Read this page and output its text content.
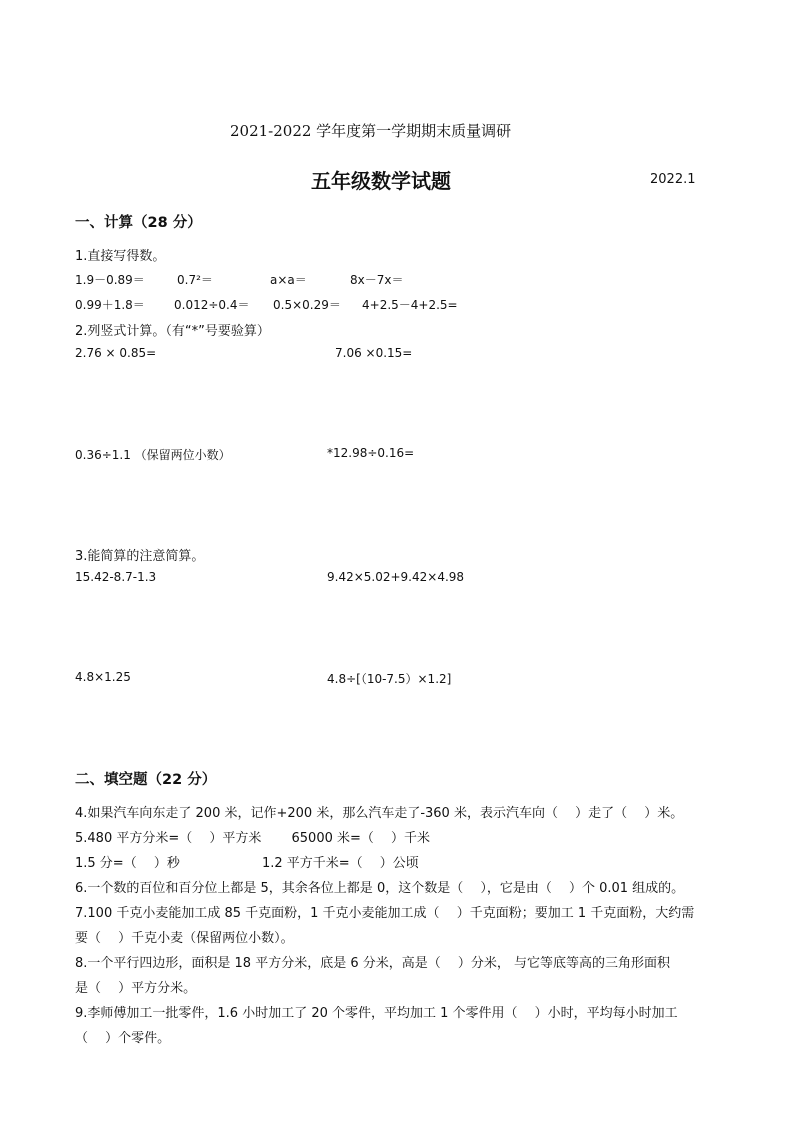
2021-2022 学年度第一学期期末质量调研
五年级数学试题	2022.1
一、计算（28 分）
1.直接写得数。
1.9－0.89＝	0.7²＝	a×a＝	8x－7x＝
0.99＋1.8＝ 0.012÷0.4＝ 0.5×0.29＝ 4+2.5－4+2.5=
2.列竖式计算。（有“*”号要验算）
2.76 × 0.85=	7.06 ×0.15=
0.36÷1.1 （保留两位小数）	*12.98÷0.16=
3.能简算的注意简算。
15.42-8.7-1.3	9.42×5.02+9.42×4.98
4.8×1.25	4.8÷[（10-7.5）×1.2]
二、填空题（22 分）
4.如果汽车向东走了 200 米，记作+200 米，那么汽车走了-360 米，表示汽车向（　 ）走了（　 ）米。
5.480 平方分米=（　 ）平方米　　 65000 米=（　 ）千米
1.5 分=（　 ）秒　　　　　　 1.2 平方千米=（　 ）公顷
6.一个数的百位和百分位上都是 5，其余各位上都是 0，这个数是（　 ），它是由（　 ）个 0.01 组成的。
7.100 千克小麦能加工成 85 千克面粉，1 千克小麦能加工成（　 ）千克面粉；要加工 1 千克面粉，大约需
要（　 ）千克小麦（保留两位小数）。
8.一个平行四边形，面积是 18 平方分米，底是 6 分米，高是（　 ）分米， 与它等底等高的三角形面积
是（　 ）平方分米。
9.李师傅加工一批零件，1.6 小时加工了 20 个零件，平均加工 1 个零件用（　 ）小时，平均每小时加工
（　 ）个零件。
